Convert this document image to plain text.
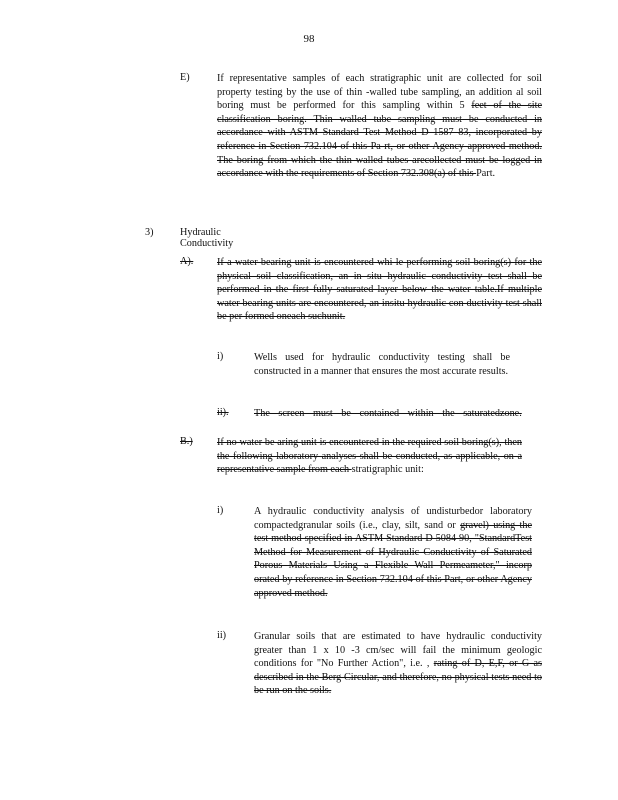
98
E)	If representative samples of each stratigraphic unit are collected for soil property testing by the use of thin -walled tube sampling, an addition al soil boring must be performed for this sampling within 5 feet of the site classification boring. Thin walled tube sampling must be conducted in accordance with ASTM Standard Test Method D 1587 83, incorporated by reference in Section 732.104 of this Pa rt, or other Agency approved method. The boring from which the thin walled tubes arecollected must be logged in accordance with the requirements of Section 732.308(a) of this Part.
3)	Hydraulic Conductivity
A). If a water bearing unit is encountered whi le performing soil boring(s) for the physical soil classification, an in situ hydraulic conductivity test shall be performed in the first fully saturated layer below the water table.If multiple water bearing units are encountered, an insitu hydraulic con ductivity test shall be per formed oneach suchunit.
i)	Wells used for hydraulic conductivity testing shall be constructed in a manner that ensures the most accurate results.
ii). The screen must be contained within the saturatedzone.
B.) If no water be aring unit is encountered in the required soil boring(s), then the following laboratory analyses shall be conducted, as applicable, on a representative sample from each stratigraphic unit:
i)	A hydraulic conductivity analysis of undisturbedor laboratory compactedgranular soils (i.e., clay, silt, sand or gravel) using the test method specified in ASTM Standard D 5084 90, "StandardTest Method for Measurement of Hydraulic Conductivity of Saturated Porous Materials Using a Flexible Wall Permeameter," incorp orated by reference in Section 732.104 of this Part, or other Agency approved method.
ii)	Granular soils that are estimated to have hydraulic conductivity greater than 1 x 10 -3 cm/sec will fail the minimum geologic conditions for "No Further Action", i.e. , rating of D, E,F, or G as described in the Berg Circular, and therefore, no physical tests need to be run on the soils.
